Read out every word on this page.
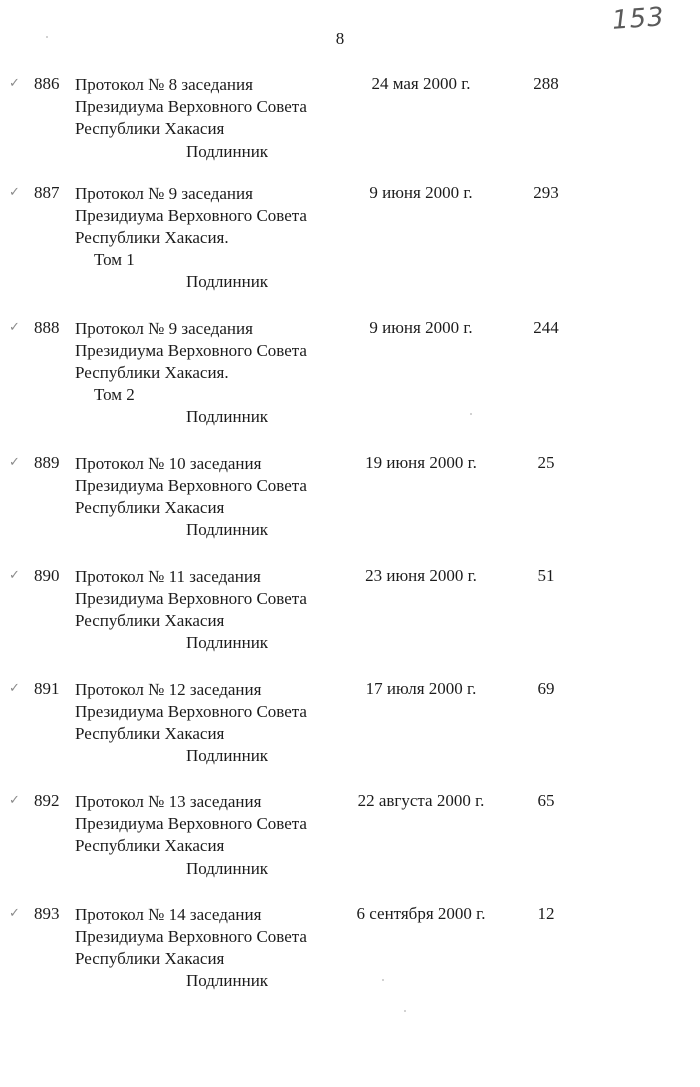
8
153
✓ 886 Протокол № 8 заседания
Президиума Верховного Совета
Республики Хакасия
24 мая 2000 г.	288
Подлинник
✓ 887 Протокол № 9 заседания
Президиума Верховного Совета
Республики Хакасия.
Том 1
9 июня 2000 г.	293
Подлинник
✓ 888 Протокол № 9 заседания
Президиума Верховного Совета
Республики Хакасия.
Том 2
9 июня 2000 г.	244
Подлинник
✓ 889 Протокол № 10 заседания
Президиума Верховного Совета
Республики Хакасия
19 июня 2000 г.	25
Подлинник
✓ 890 Протокол № 11 заседания
Президиума Верховного Совета
Республики Хакасия
23 июня 2000 г.	51
Подлинник
✓ 891 Протокол № 12 заседания
Президиума Верховного Совета
Республики Хакасия
17 июля 2000 г.	69
Подлинник
✓ 892 Протокол № 13 заседания
Президиума Верховного Совета
Республики Хакасия
22 августа 2000 г.	65
Подлинник
✓ 893 Протокол № 14 заседания
Президиума Верховного Совета
Республики Хакасия
6 сентября 2000 г.	12
Подлинник
